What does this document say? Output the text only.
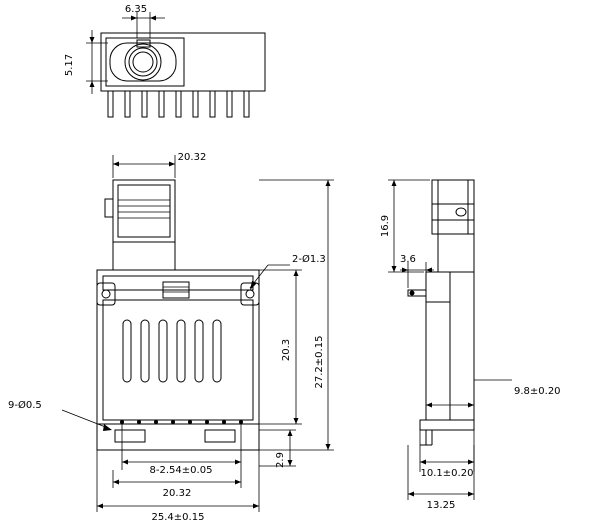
6.35
5.17
20.32
2-Ø1.3
20.3 27.2±0.15
2.9
9-Ø0.5
8-2.54±0.05
20.32
25.4±0.15
16.9
3.6
9.8±0.20
10.1±0.20
13.25
